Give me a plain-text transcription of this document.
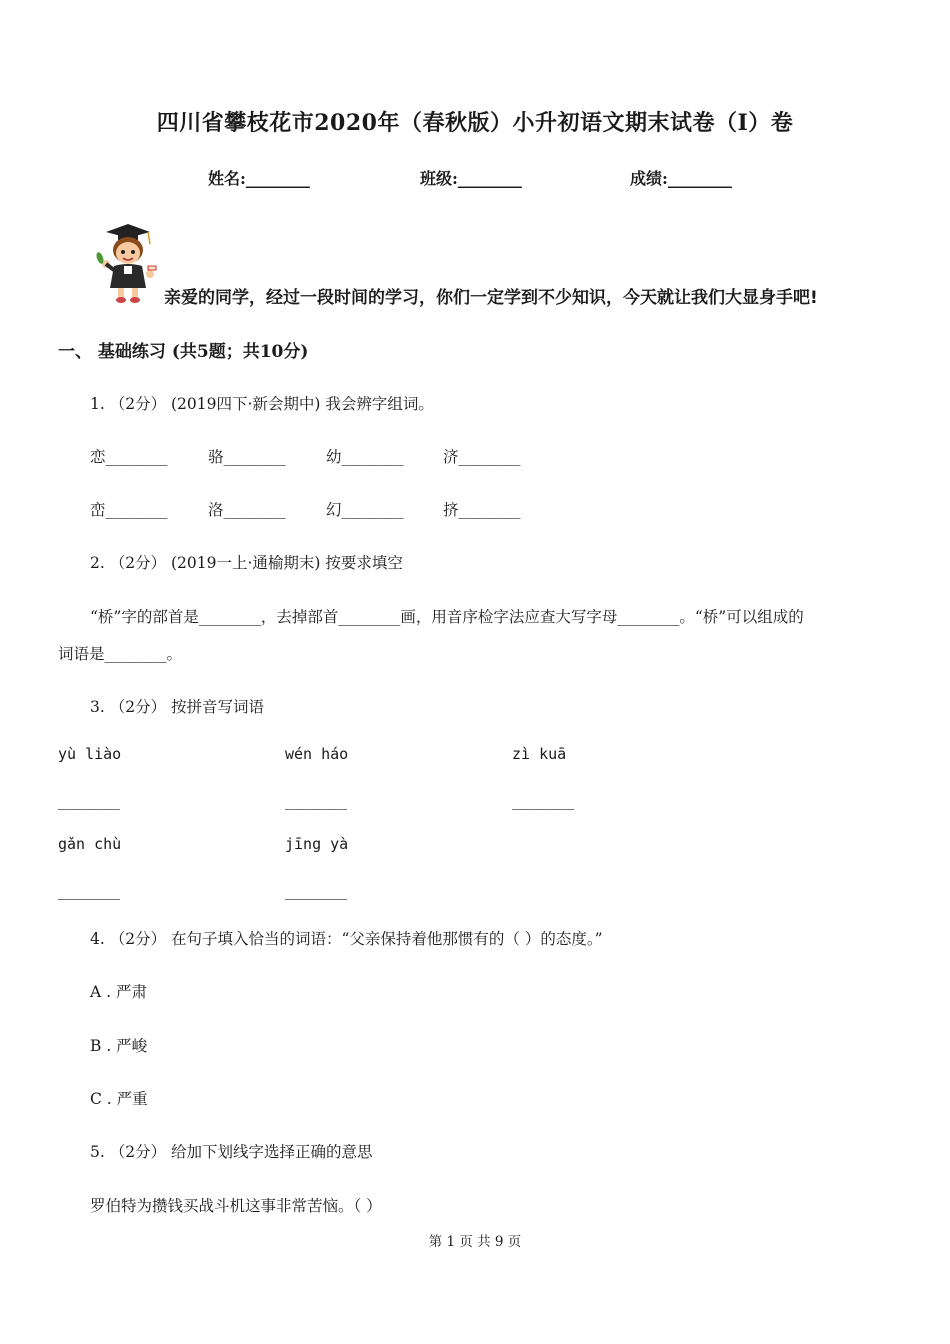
四川省攀枝花市2020年（春秋版）小升初语文期末试卷（I）卷
姓名:________	班级:________	成绩:________
亲爱的同学，经过一段时间的学习，你们一定学到不少知识，今天就让我们大显身手吧!
一、 基础练习 (共5题；共10分)
1. （2分） (2019四下·新会期中) 我会辨字组词。
恋________	骆________	幼________	济________
峦________	洛________	幻________	挤________
2. （2分） (2019一上·通榆期末) 按要求填空
“桥”字的部首是________，去掉部首________画，用音序检字法应查大写字母________。“桥”可以组成的
词语是________。
3. （2分） 按拼音写词语
yù liào	wén háo	zì kuā
________	________	________
gǎn chù	jīng yà
________	________
4. （2分） 在句子填入恰当的词语：“父亲保持着他那惯有的（ ）的态度。”
A . 严肃
B . 严峻
C . 严重
5. （2分） 给加下划线字选择正确的意思
罗伯特为攒钱买战斗机这事非常苦恼。（ ）
第 1 页 共 9 页
